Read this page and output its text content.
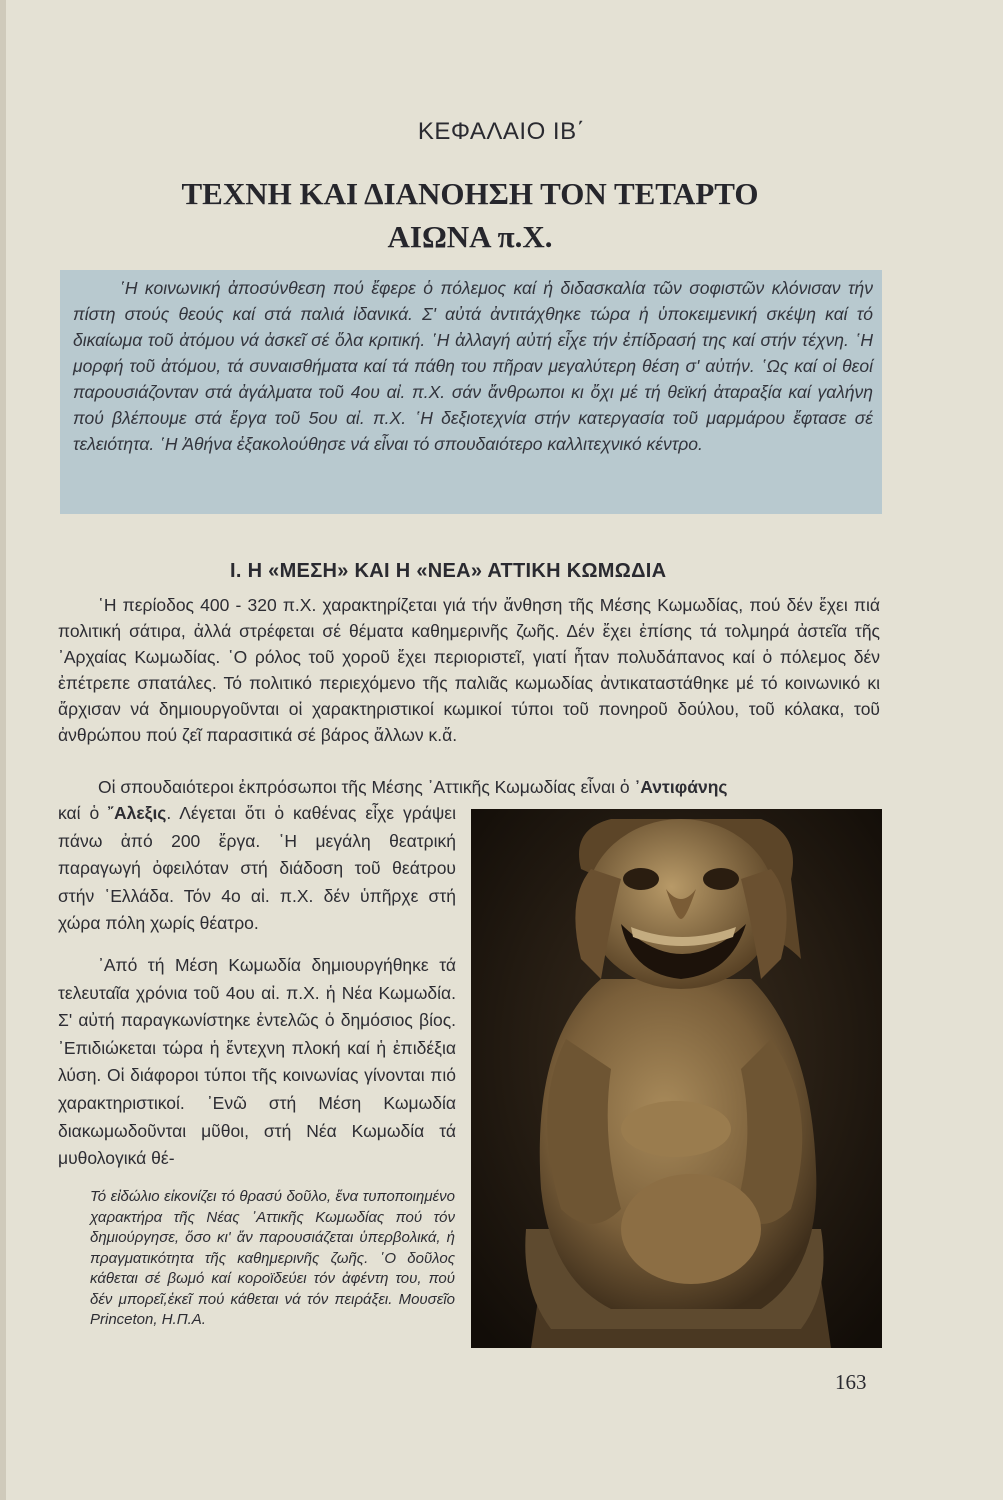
ΚΕΦΑΛΑΙΟ ΙΒ΄
ΤΕΧΝΗ ΚΑΙ ΔΙΑΝΟΗΣΗ ΤΟΝ ΤΕΤΑΡΤΟ
ΑΙΩΝΑ π.Χ.
῾Η κοινωνική ἀποσύνθεση πού ἔφερε ὁ πόλεμος καί ἡ διδασκαλία τῶν σοφιστῶν κλόνισαν τήν πίστη στούς θεούς καί στά παλιά ἰδανικά. Σ' αὐτά ἀντιτάχθηκε τώρα ἡ ὑποκειμενική σκέψη καί τό δικαίωμα τοῦ ἀτόμου νά ἀσκεῖ σέ ὅλα κριτική. ῾Η ἀλλαγή αὐτή εἶχε τήν ἐπίδρασή της καί στήν τέχνη. ῾Η μορφή τοῦ ἀτόμου, τά συναισθήματα καί τά πάθη του πῆραν μεγαλύτερη θέση σ' αὐτήν. ῾Ως καί οἱ θεοί παρουσιάζονταν στά ἀγάλματα τοῦ 4ου αἰ. π.Χ. σάν ἄνθρωποι κι ὄχι μέ τή θεϊκή ἀταραξία καί γαλήνη πού βλέπουμε στά ἔργα τοῦ 5ου αἰ. π.Χ. ῾Η δεξιοτεχνία στήν κατεργασία τοῦ μαρμάρου ἔφτασε σέ τελειότητα. ῾Η Ἀθήνα ἐξακολούθησε νά εἶναι τό σπουδαιότερο καλλιτεχνικό κέντρο.
Ι. Η «ΜΕΣΗ» ΚΑΙ Η «ΝΕΑ» ΑΤΤΙΚΗ ΚΩΜΩΔΙΑ
῾Η περίοδος 400 - 320 π.Χ. χαρακτηρίζεται γιά τήν ἄνθηση τῆς Μέσης Κωμωδίας, πού δέν ἔχει πιά πολιτική σάτιρα, ἀλλά στρέφεται σέ θέματα καθημερινῆς ζωῆς. Δέν ἔχει ἐπίσης τά τολμηρά ἀστεῖα τῆς ᾿Αρχαίας Κωμωδίας. ῾Ο ρόλος τοῦ χοροῦ ἔχει περιοριστεῖ, γιατί ἦταν πολυδάπανος καί ὁ πόλεμος δέν ἐπέτρεπε σπατάλες. Τό πολιτικό περιεχόμενο τῆς παλιᾶς κωμωδίας ἀντικαταστάθηκε μέ τό κοινωνικό κι ἄρχισαν νά δημιουργοῦνται οἱ χαρακτηριστικοί κωμικοί τύποι τοῦ πονηροῦ δούλου, τοῦ κόλακα, τοῦ ἀνθρώπου πού ζεῖ παρασιτικά σέ βάρος ἄλλων κ.ἄ.
Οἱ σπουδαιότεροι ἐκπρόσωποι τῆς Μέσης ᾿Αττικῆς Κωμωδίας εἶναι ὁ ᾿Αντιφάνης
καί ὁ ῎Αλεξις. Λέγεται ὅτι ὁ καθένας εἶχε γράψει πάνω ἀπό 200 ἔργα. ῾Η μεγάλη θεατρική παραγωγή ὀφειλόταν στή διάδοση τοῦ θεάτρου στήν ῾Ελλάδα. Τόν 4ο αἰ. π.Χ. δέν ὑπῆρχε στή χώρα πόλη χωρίς θέατρο.
᾿Από τή Μέση Κωμωδία δημιουργήθηκε τά τελευταῖα χρόνια τοῦ 4ου αἰ. π.Χ. ἡ Νέα Κωμωδία. Σ' αὐτή παραγκωνίστηκε ἐντελῶς ὁ δημόσιος βίος. ᾿Επιδιώκεται τώρα ἡ ἔντεχνη πλοκή καί ἡ ἐπιδέξια λύση. Οἱ διάφοροι τύποι τῆς κοινωνίας γίνονται πιό χαρακτηριστικοί. ᾿Ενῶ στή Μέση Κωμωδία διακωμωδοῦνται μῦθοι, στή Νέα Κωμωδία τά μυθολογικά θέ-
Τό εἰδώλιο εἰκονίζει τό θρασύ δοῦλο, ἕνα τυποποιημένο χαρακτήρα τῆς Νέας ᾿Αττικῆς Κωμωδίας πού τόν δημιούργησε, ὅσο κι' ἄν παρουσιάζεται ὑπερβολικά, ἡ πραγματικότητα τῆς καθημερινῆς ζωῆς. ῾Ο δοῦλος κάθεται σέ βωμό καί κοροϊδεύει τόν ἀφέντη του, πού δέν μπορεῖ,ἐκεῖ πού κάθεται νά τόν πειράξει. Μουσεῖο Princeton, Η.Π.Α.
163
